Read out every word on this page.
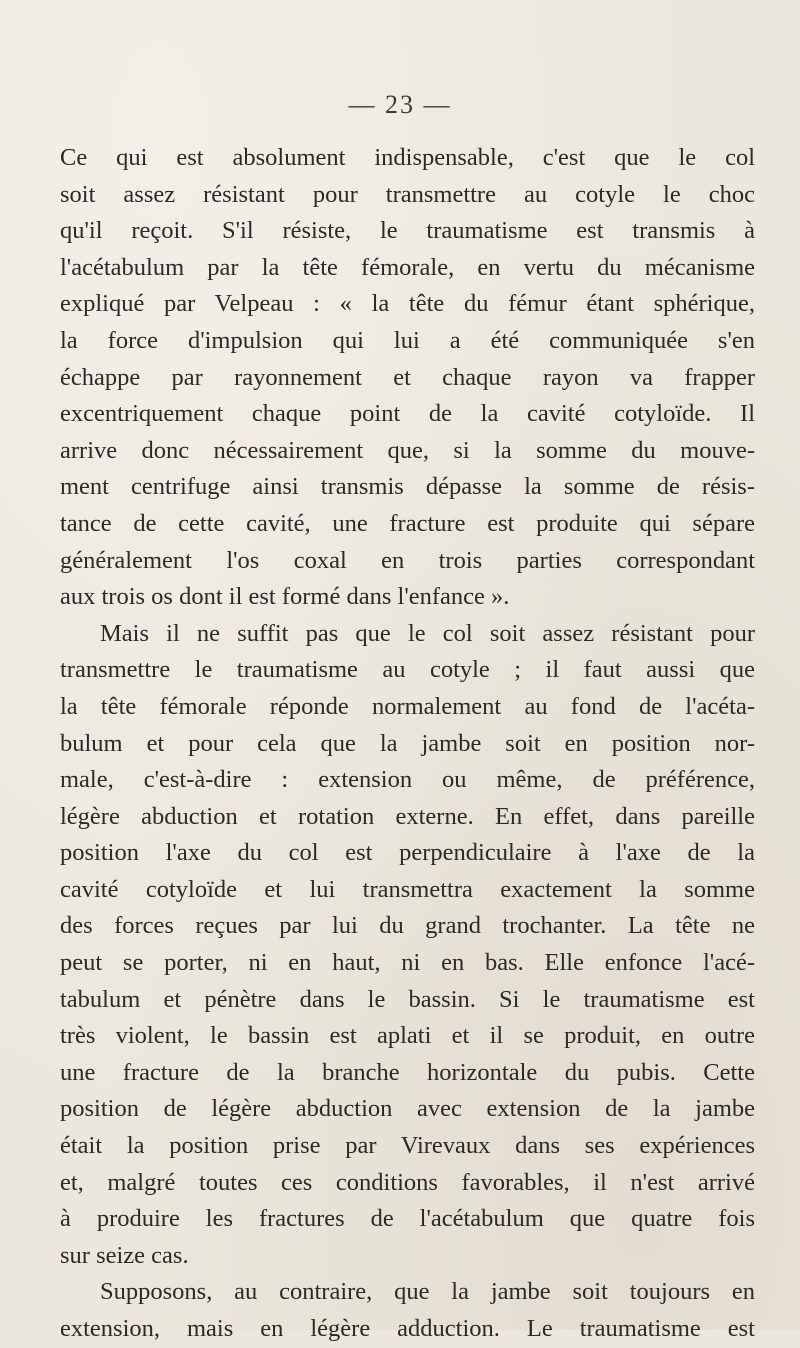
— 23 —

Ce qui est absolument indispensable, c'est que le col
soit assez résistant pour transmettre au cotyle le choc
qu'il reçoit. S'il résiste, le traumatisme est transmis à
l'acétabulum par la tête fémorale, en vertu du mécanisme
expliqué par Velpeau : « la tête du fémur étant sphérique,
la force d'impulsion qui lui a été communiquée s'en
échappe par rayonnement et chaque rayon va frapper
excentriquement chaque point de la cavité cotyloïde. Il
arrive donc nécessairement que, si la somme du mouve-
ment centrifuge ainsi transmis dépasse la somme de résis-
tance de cette cavité, une fracture est produite qui sépare
généralement l'os coxal en trois parties correspondant
aux trois os dont il est formé dans l'enfance ».

Mais il ne suffit pas que le col soit assez résistant pour
transmettre le traumatisme au cotyle ; il faut aussi que
la tête fémorale réponde normalement au fond de l'acéta-
bulum et pour cela que la jambe soit en position nor-
male, c'est-à-dire : extension ou même, de préférence,
légère abduction et rotation externe. En effet, dans pareille
position l'axe du col est perpendiculaire à l'axe de la
cavité cotyloïde et lui transmettra exactement la somme
des forces reçues par lui du grand trochanter. La tête ne
peut se porter, ni en haut, ni en bas. Elle enfonce l'acé-
tabulum et pénètre dans le bassin. Si le traumatisme est
très violent, le bassin est aplati et il se produit, en outre
une fracture de la branche horizontale du pubis. Cette
position de légère abduction avec extension de la jambe
était la position prise par Virevaux dans ses expériences
et, malgré toutes ces conditions favorables, il n'est arrivé
à produire les fractures de l'acétabulum que quatre fois
sur seize cas.

Supposons, au contraire, que la jambe soit toujours en
extension, mais en légère adduction. Le traumatisme est
